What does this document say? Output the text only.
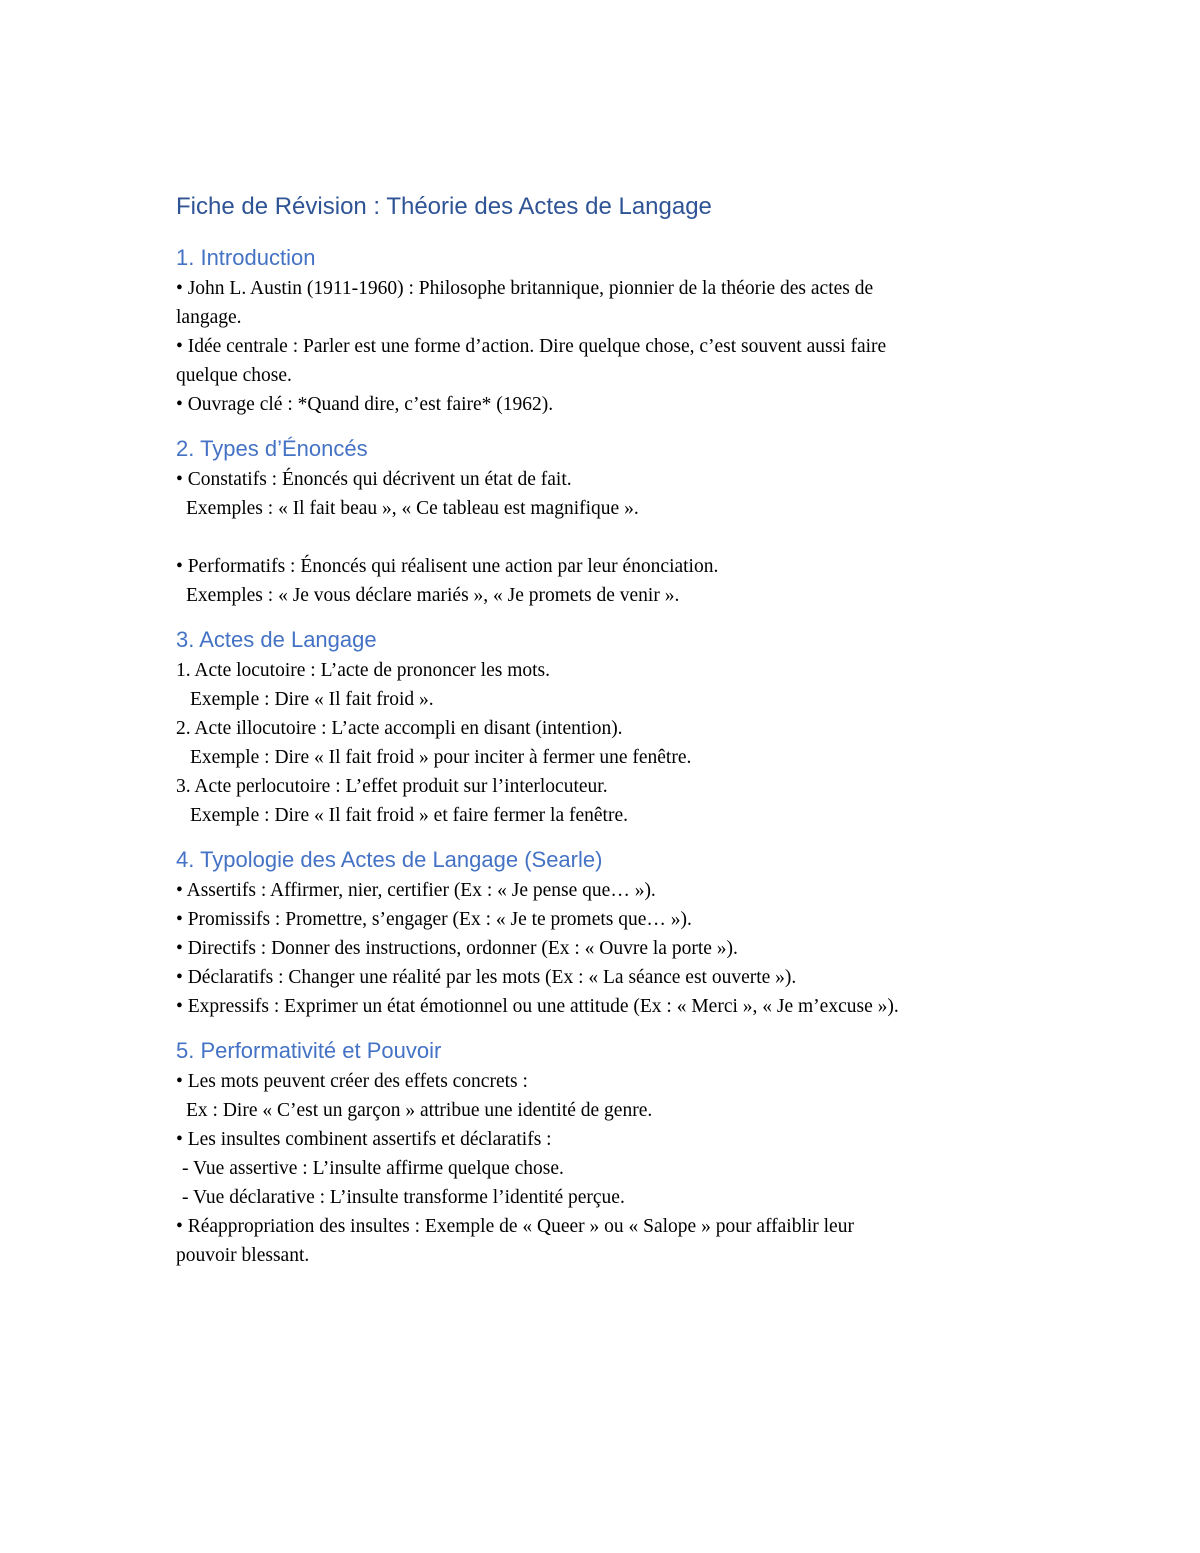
Fiche de Révision : Théorie des Actes de Langage
1. Introduction

• John L. Austin (1911-1960) : Philosophe britannique, pionnier de la théorie des actes de

langage.

• Idée centrale : Parler est une forme d’action. Dire quelque chose, c’est souvent aussi faire

quelque chose.

• Ouvrage clé : *Quand dire, c’est faire* (1962).

2. Types d’Énoncés

• Constatifs : Énoncés qui décrivent un état de fait.

Exemples : « Il fait beau », « Ce tableau est magnifique ».

• Performatifs : Énoncés qui réalisent une action par leur énonciation.

Exemples : « Je vous déclare mariés », « Je promets de venir ».

3. Actes de Langage

1. Acte locutoire : L’acte de prononcer les mots.

Exemple : Dire « Il fait froid ».

2. Acte illocutoire : L’acte accompli en disant (intention).

Exemple : Dire « Il fait froid » pour inciter à fermer une fenêtre.

3. Acte perlocutoire : L’effet produit sur l’interlocuteur.

Exemple : Dire « Il fait froid » et faire fermer la fenêtre.

4. Typologie des Actes de Langage (Searle)

• Assertifs : Affirmer, nier, certifier (Ex : « Je pense que… »).

• Promissifs : Promettre, s’engager (Ex : « Je te promets que… »).

• Directifs : Donner des instructions, ordonner (Ex : « Ouvre la porte »).

• Déclaratifs : Changer une réalité par les mots (Ex : « La séance est ouverte »).

• Expressifs : Exprimer un état émotionnel ou une attitude (Ex : « Merci », « Je m’excuse »).

5. Performativité et Pouvoir

• Les mots peuvent créer des effets concrets :

Ex : Dire « C’est un garçon » attribue une identité de genre.

• Les insultes combinent assertifs et déclaratifs :

- Vue assertive : L’insulte affirme quelque chose.

- Vue déclarative : L’insulte transforme l’identité perçue.

• Réappropriation des insultes : Exemple de « Queer » ou « Salope » pour affaiblir leur

pouvoir blessant.
